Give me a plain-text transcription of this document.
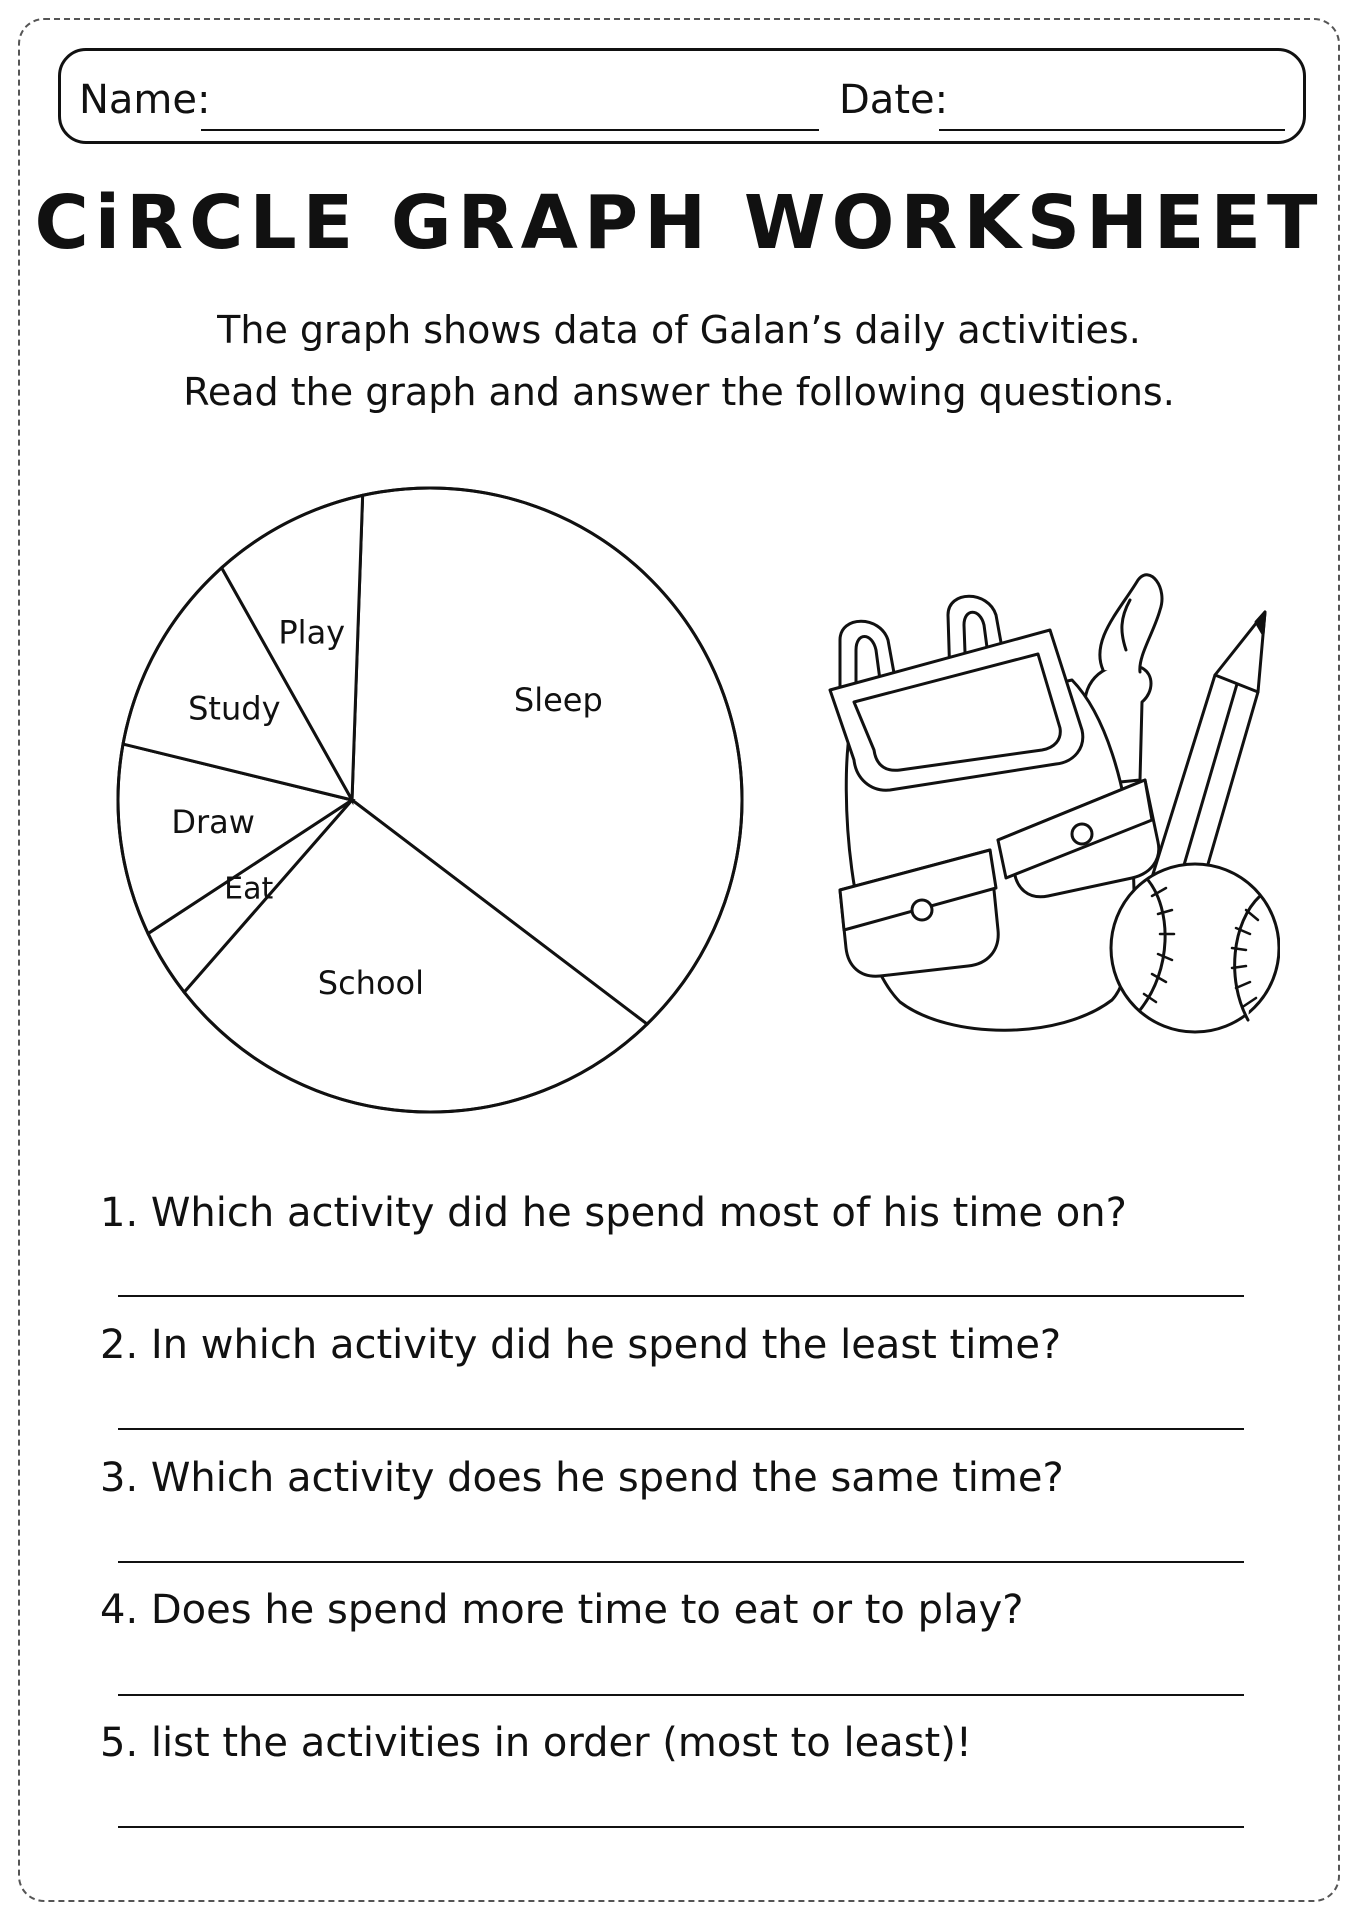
Name:	Date:
CiRCLE GRAPH WORKSHEET
The graph shows data of Galan’s daily activities.
Read the graph and answer the following questions.
Sleep
School
Eat
Draw
Study
Play
1. Which activity did he spend most of his time on?
2. In which activity did he spend the least time?
3. Which activity does he spend the same time?
4. Does he spend more time to eat or to play?
5. list the activities in order (most to least)!
